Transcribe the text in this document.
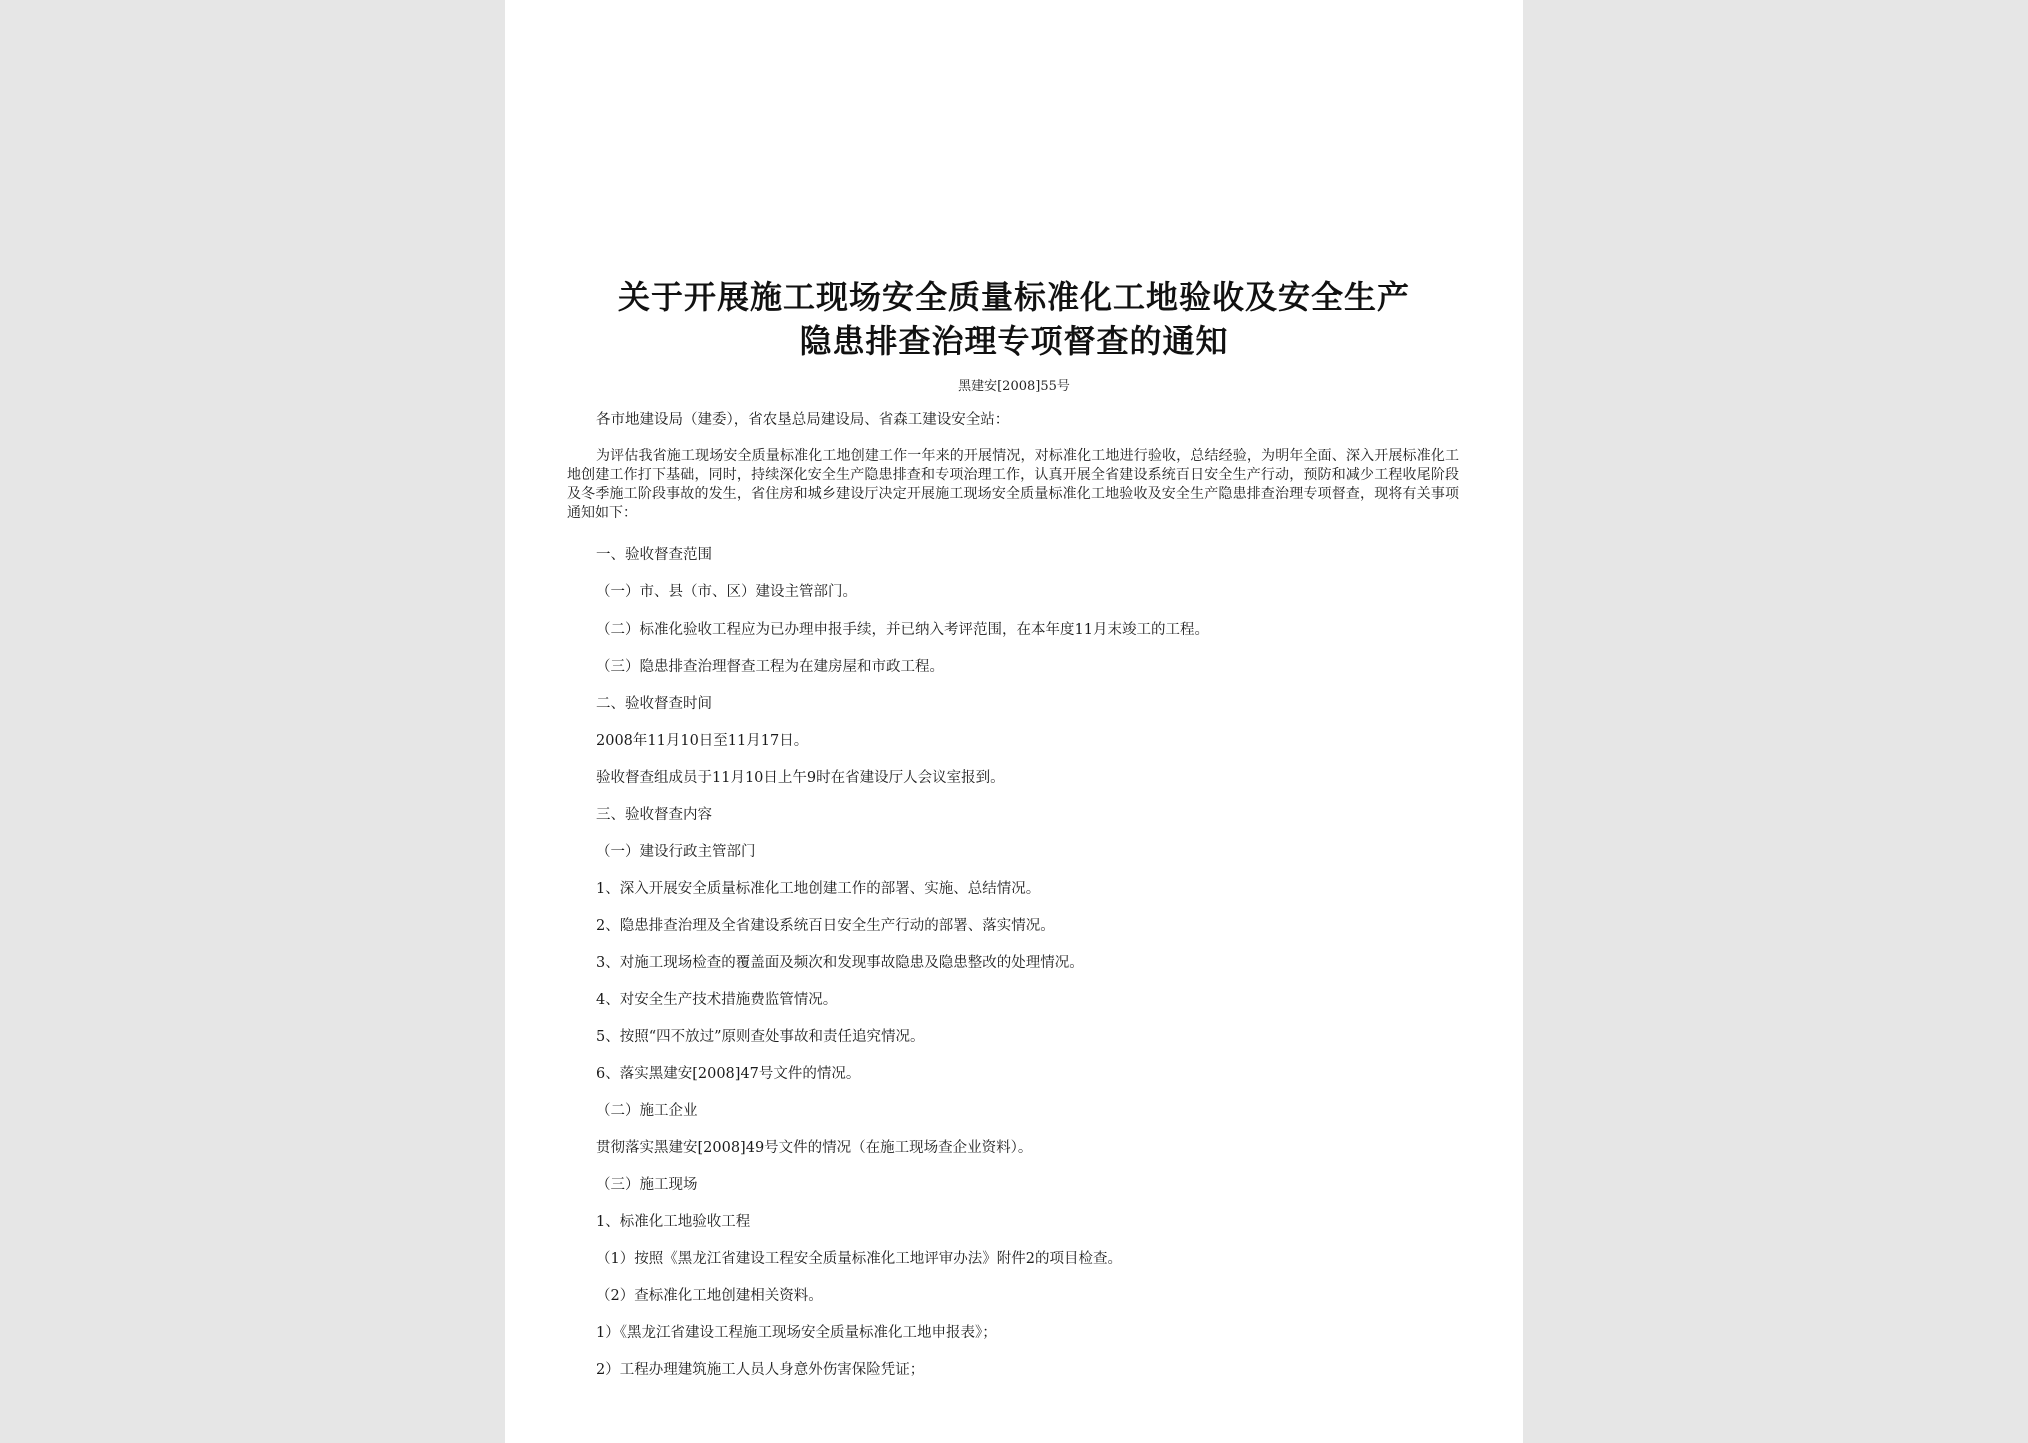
关于开展施工现场安全质量标准化工地验收及安全生产
隐患排查治理专项督查的通知
黑建安[2008]55号
各市地建设局（建委），省农垦总局建设局、省森工建设安全站：
为评估我省施工现场安全质量标准化工地创建工作一年来的开展情况，对标准化工地进行验收，总结经验，为明年全面、深入开展标准化工地创建工作打下基础，同时，持续深化安全生产隐患排查和专项治理工作，认真开展全省建设系统百日安全生产行动，预防和减少工程收尾阶段及冬季施工阶段事故的发生，省住房和城乡建设厅决定开展施工现场安全质量标准化工地验收及安全生产隐患排查治理专项督查，现将有关事项通知如下：
一、验收督查范围
（一）市、县（市、区）建设主管部门。
（二）标准化验收工程应为已办理申报手续，并已纳入考评范围，在本年度11月末竣工的工程。
（三）隐患排查治理督查工程为在建房屋和市政工程。
二、验收督查时间
2008年11月10日至11月17日。
验收督查组成员于11月10日上午9时在省建设厅人会议室报到。
三、验收督查内容
（一）建设行政主管部门
1、深入开展安全质量标准化工地创建工作的部署、实施、总结情况。
2、隐患排查治理及全省建设系统百日安全生产行动的部署、落实情况。
3、对施工现场检查的覆盖面及频次和发现事故隐患及隐患整改的处理情况。
4、对安全生产技术措施费监管情况。
5、按照“四不放过”原则查处事故和责任追究情况。
6、落实黑建安[2008]47号文件的情况。
（二）施工企业
贯彻落实黑建安[2008]49号文件的情况（在施工现场查企业资料）。
（三）施工现场
1、标准化工地验收工程
（1）按照《黑龙江省建设工程安全质量标准化工地评审办法》附件2的项目检查。
（2）查标准化工地创建相关资料。
1）《黑龙江省建设工程施工现场安全质量标准化工地申报表》；
2）工程办理建筑施工人员人身意外伤害保险凭证；
